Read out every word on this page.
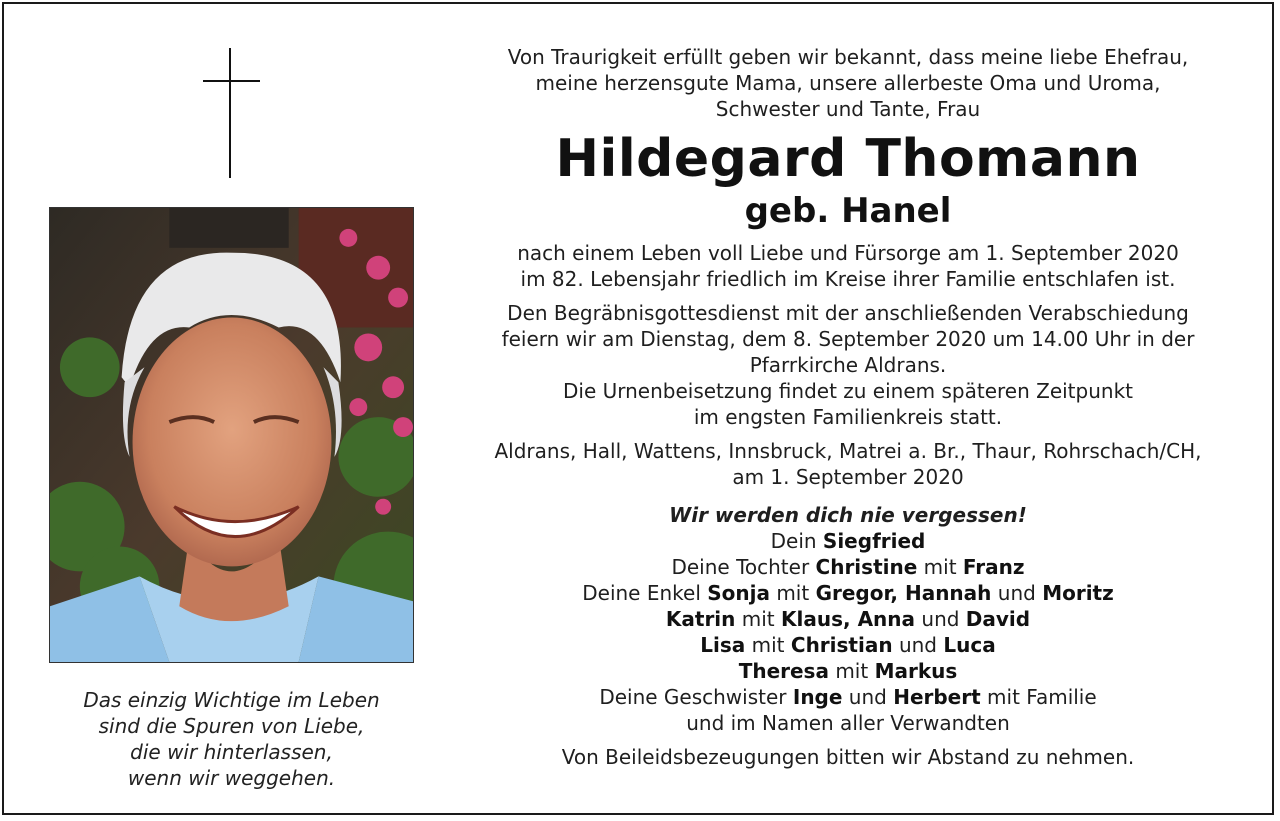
Das einzig Wichtige im Leben
sind die Spuren von Liebe,
die wir hinterlassen,
wenn wir weggehen.
Von Traurigkeit erfüllt geben wir bekannt, dass meine liebe Ehefrau,
meine herzensgute Mama, unsere allerbeste Oma und Uroma,
Schwester und Tante, Frau
Hildegard Thomann
geb. Hanel
nach einem Leben voll Liebe und Fürsorge am 1. September 2020
im 82. Lebensjahr friedlich im Kreise ihrer Familie entschlafen ist.
Den Begräbnisgottesdienst mit der anschließenden Verabschiedung
feiern wir am Dienstag, dem 8. September 2020 um 14.00 Uhr in der
Pfarrkirche Aldrans.
Die Urnenbeisetzung findet zu einem späteren Zeitpunkt
im engsten Familienkreis statt.
Aldrans, Hall, Wattens, Innsbruck, Matrei a. Br., Thaur, Rohrschach/CH,
am 1. September 2020
Wir werden dich nie vergessen!
Dein Siegfried
Deine Tochter Christine mit Franz
Deine Enkel Sonja mit Gregor, Hannah und Moritz
Katrin mit Klaus, Anna und David
Lisa mit Christian und Luca
Theresa mit Markus
Deine Geschwister Inge und Herbert mit Familie
und im Namen aller Verwandten
Von Beileidsbezeugungen bitten wir Abstand zu nehmen.
